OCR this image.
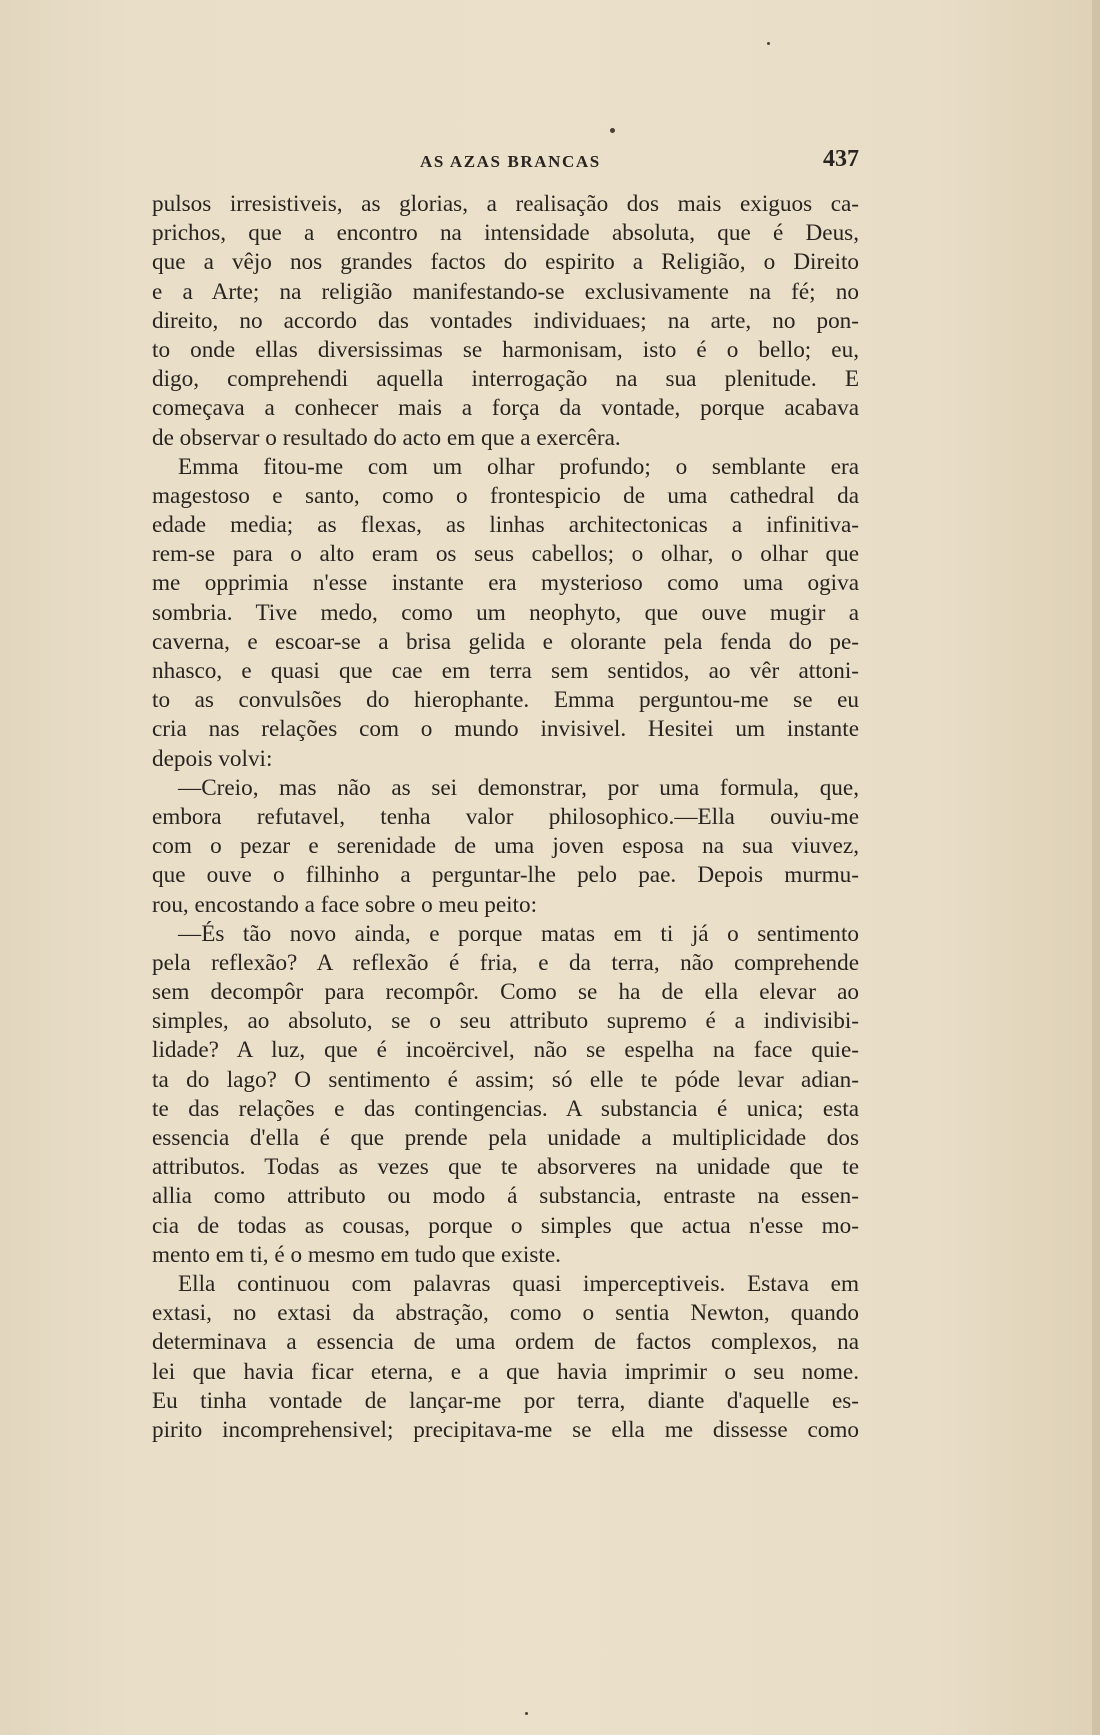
AS AZAS BRANCAS	437
pulsos irresistiveis, as glorias, a realisação dos mais exiguos ca-
prichos, que a encontro na intensidade absoluta, que é Deus,
que a vêjo nos grandes factos do espirito a Religião, o Direito
e a Arte; na religião manifestando-se exclusivamente na fé; no
direito, no accordo das vontades individuaes; na arte, no pon-
to onde ellas diversissimas se harmonisam, isto é o bello; eu,
digo, comprehendi aquella interrogação na sua plenitude. E
começava a conhecer mais a força da vontade, porque acabava
de observar o resultado do acto em que a exercêra.
Emma fitou-me com um olhar profundo; o semblante era
magestoso e santo, como o frontespicio de uma cathedral da
edade media; as flexas, as linhas architectonicas a infinitiva-
rem-se para o alto eram os seus cabellos; o olhar, o olhar que
me opprimia n'esse instante era mysterioso como uma ogiva
sombria. Tive medo, como um neophyto, que ouve mugir a
caverna, e escoar-se a brisa gelida e olorante pela fenda do pe-
nhasco, e quasi que cae em terra sem sentidos, ao vêr attoni-
to as convulsões do hierophante. Emma perguntou-me se eu
cria nas relações com o mundo invisivel. Hesitei um instante
depois volvi:
—Creio, mas não as sei demonstrar, por uma formula, que,
embora refutavel, tenha valor philosophico.—Ella ouviu-me
com o pezar e serenidade de uma joven esposa na sua viuvez,
que ouve o filhinho a perguntar-lhe pelo pae. Depois murmu-
rou, encostando a face sobre o meu peito:
—És tão novo ainda, e porque matas em ti já o sentimento
pela reflexão? A reflexão é fria, e da terra, não comprehende
sem decompôr para recompôr. Como se ha de ella elevar ao
simples, ao absoluto, se o seu attributo supremo é a indivisibi-
lidade? A luz, que é incoërcivel, não se espelha na face quie-
ta do lago? O sentimento é assim; só elle te póde levar adian-
te das relações e das contingencias. A substancia é unica; esta
essencia d'ella é que prende pela unidade a multiplicidade dos
attributos. Todas as vezes que te absorveres na unidade que te
allia como attributo ou modo á substancia, entraste na essen-
cia de todas as cousas, porque o simples que actua n'esse mo-
mento em ti, é o mesmo em tudo que existe.
Ella continuou com palavras quasi imperceptiveis. Estava em
extasi, no extasi da abstração, como o sentia Newton, quando
determinava a essencia de uma ordem de factos complexos, na
lei que havia ficar eterna, e a que havia imprimir o seu nome.
Eu tinha vontade de lançar-me por terra, diante d'aquelle es-
pirito incomprehensivel; precipitava-me se ella me dissesse como
